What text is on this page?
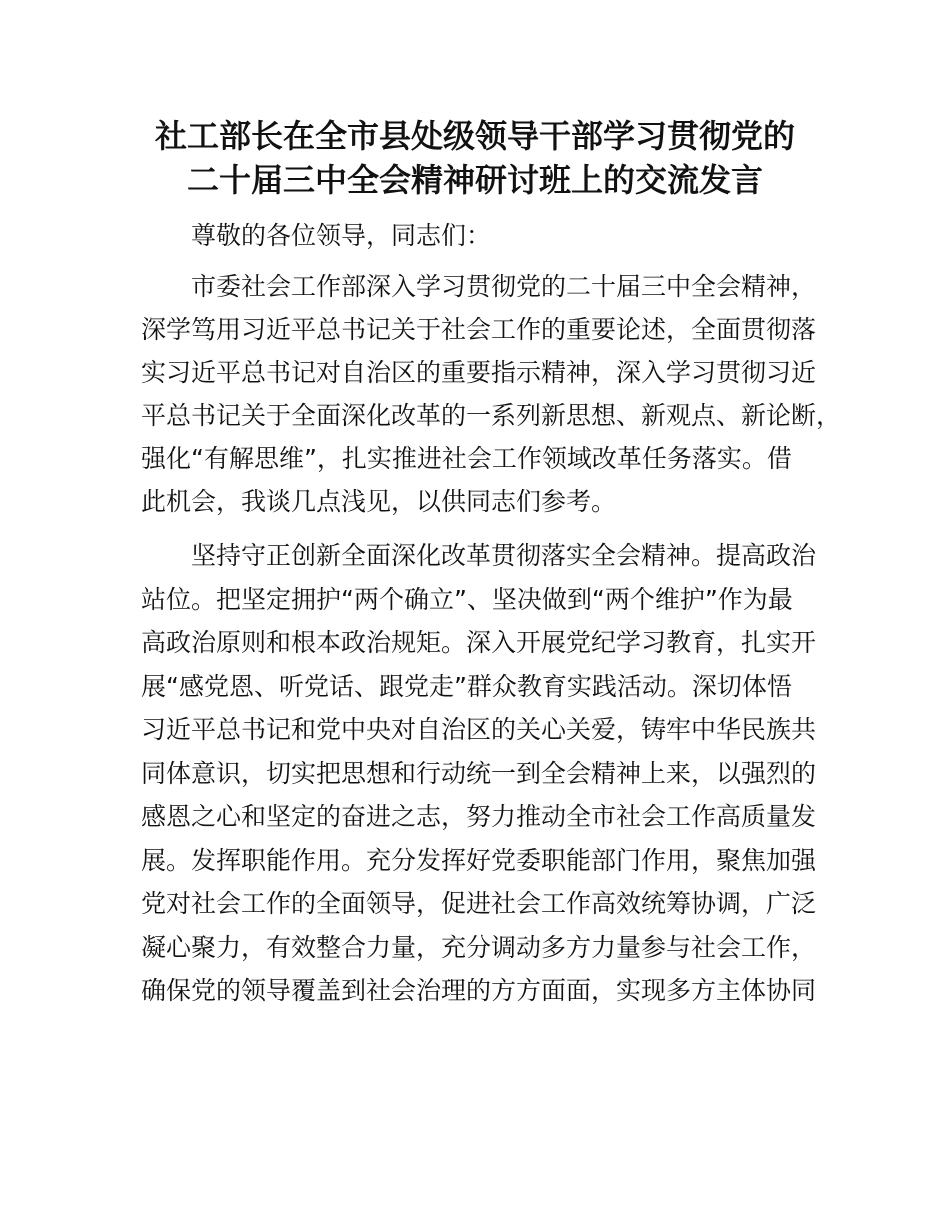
社工部长在全市县处级领导干部学习贯彻党的
二十届三中全会精神研讨班上的交流发言

尊敬的各位领导，同志们：

市委社会工作部深入学习贯彻党的二十届三中全会精神，

深学笃用习近平总书记关于社会工作的重要论述，全面贯彻落

实习近平总书记对自治区的重要指示精神，深入学习贯彻习近

平总书记关于全面深化改革的一系列新思想、新观点、新论断，

强化“有解思维”，扎实推进社会工作领域改革任务落实。借

此机会，我谈几点浅见，以供同志们参考。

坚持守正创新全面深化改革贯彻落实全会精神。提高政治

站位。把坚定拥护“两个确立”、坚决做到“两个维护”作为最

高政治原则和根本政治规矩。深入开展党纪学习教育，扎实开

展“感党恩、听党话、跟党走”群众教育实践活动。深切体悟

习近平总书记和党中央对自治区的关心关爱，铸牢中华民族共

同体意识，切实把思想和行动统一到全会精神上来，以强烈的

感恩之心和坚定的奋进之志，努力推动全市社会工作高质量发

展。发挥职能作用。充分发挥好党委职能部门作用，聚焦加强

党对社会工作的全面领导，促进社会工作高效统筹协调，广泛

凝心聚力，有效整合力量，充分调动多方力量参与社会工作，

确保党的领导覆盖到社会治理的方方面面，实现多方主体协同
